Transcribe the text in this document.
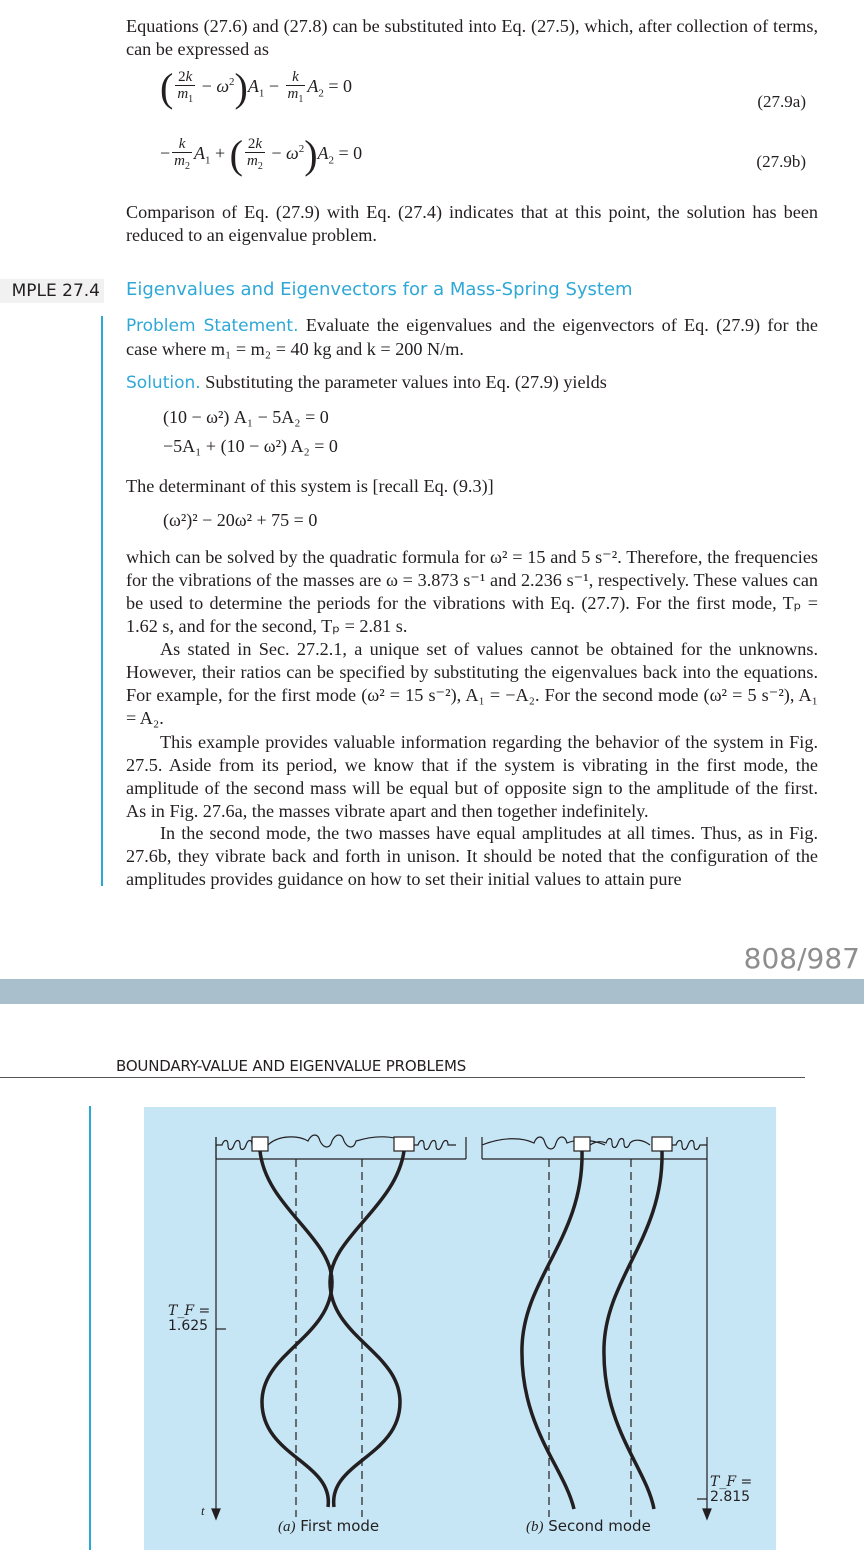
Equations (27.6) and (27.8) can be substituted into Eq. (27.5), which, after collection of terms, can be expressed as
( $\frac{2k}{m_1} - \omega^2)A_1 - \frac{k}{m_1} A_2 = 0$
(27.9a)
− $\frac{k}{m_2} A_1$ + ( $\frac{2k}{m_2} - \omega^2)A_2 = 0$	(27.9b)
Comparison of Eq. (27.9) with Eq. (27.4) indicates that at this point, the solution has been reduced to an eigenvalue problem.
MPLE 27.4 Eigenvalues and Eigenvectors for a Mass-Spring System
Problem Statement. Evaluate the eigenvalues and the eigenvectors of Eq. (27.9) for the case where m₁ = m₂ = 40 kg and k = 200 N/m.
Solution. Substituting the parameter values into Eq. (27.9) yields
(10 − ω²) A₁ − 5A₂ = 0
−5A₁ + (10 − ω²) A₂ = 0
The determinant of this system is [recall Eq. (9.3)]
(ω²)² − 20ω² + 75 = 0
which can be solved by the quadratic formula for ω² = 15 and 5 s⁻². Therefore, the frequencies for the vibrations of the masses are ω = 3.873 s⁻¹ and 2.236 s⁻¹, respectively. These values can be used to determine the periods for the vibrations with Eq. (27.7). For the first mode, Tₚ = 1.62 s, and for the second, Tₚ = 2.81 s.
As stated in Sec. 27.2.1, a unique set of values cannot be obtained for the unknowns. However, their ratios can be specified by substituting the eigenvalues back into the equations. For example, for the first mode (ω² = 15 s⁻²), A₁ = −A₂. For the second mode (ω² = 5 s⁻²), A₁ = A₂.
This example provides valuable information regarding the behavior of the system in Fig. 27.5. Aside from its period, we know that if the system is vibrating in the first mode, the amplitude of the second mass will be equal but of opposite sign to the amplitude of the first. As in Fig. 27.6a, the masses vibrate apart and then together indefinitely.
In the second mode, the two masses have equal amplitudes at all times. Thus, as in Fig. 27.6b, they vibrate back and forth in unison. It should be noted that the configuration of the amplitudes provides guidance on how to set their initial values to attain pure
808/987
BOUNDARY-VALUE AND EIGENVALUE PROBLEMS
T_F =
1.625
T_F =
2.815
t
(a) First mode	(b) Second mode
